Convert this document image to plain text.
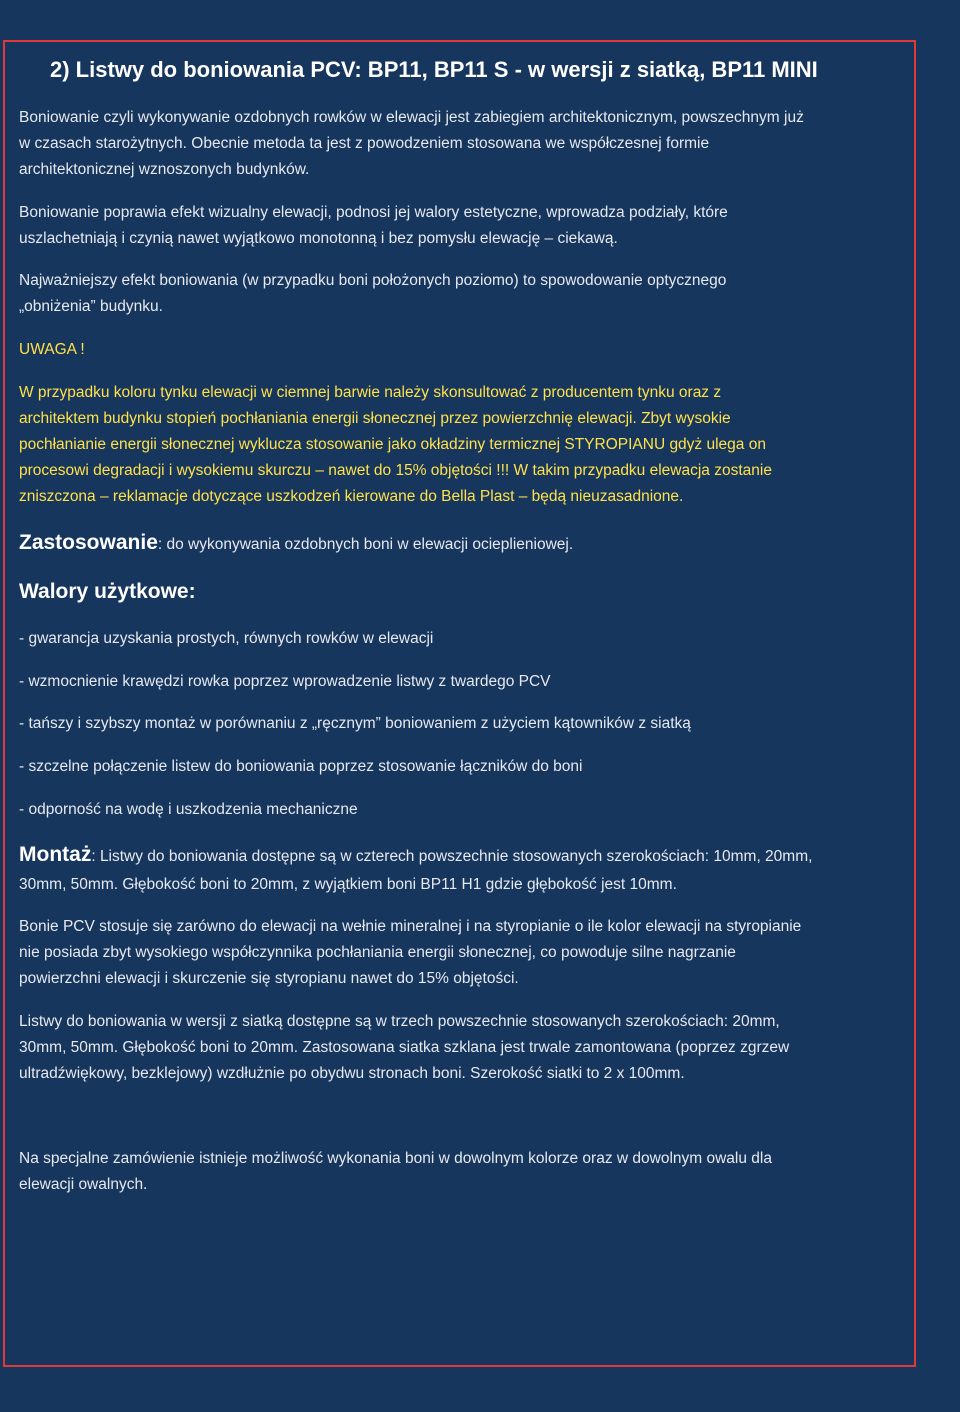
2) Listwy do boniowania PCV: BP11, BP11 S - w wersji z siatką, BP11 MINI

Boniowanie czyli wykonywanie ozdobnych rowków w elewacji jest zabiegiem architektonicznym, powszechnym już
w czasach starożytnych. Obecnie metoda ta jest z powodzeniem stosowana we współczesnej formie
architektonicznej wznoszonych budynków.

Boniowanie poprawia efekt wizualny elewacji, podnosi jej walory estetyczne, wprowadza podziały, które
uszlachetniają i czynią nawet wyjątkowo monotonną i bez pomysłu elewację – ciekawą.

Najważniejszy efekt boniowania (w przypadku boni położonych poziomo) to spowodowanie optycznego
„obniżenia” budynku.

UWAGA !

W przypadku koloru tynku elewacji w ciemnej barwie należy skonsultować z producentem tynku oraz z
architektem budynku stopień pochłaniania energii słonecznej przez powierzchnię elewacji. Zbyt wysokie
pochłanianie energii słonecznej wyklucza stosowanie jako okładziny termicznej STYROPIANU gdyż ulega on
procesowi degradacji i wysokiemu skurczu – nawet do 15% objętości !!! W takim przypadku elewacja zostanie
zniszczona – reklamacje dotyczące uszkodzeń kierowane do Bella Plast – będą nieuzasadnione.

Zastosowanie: do wykonywania ozdobnych boni w elewacji ocieplieniowej.

Walory użytkowe:

- gwarancja uzyskania prostych, równych rowków w elewacji

- wzmocnienie krawędzi rowka poprzez wprowadzenie listwy z twardego PCV

- tańszy i szybszy montaż w porównaniu z „ręcznym” boniowaniem z użyciem kątowników z siatką

- szczelne połączenie listew do boniowania poprzez stosowanie łączników do boni

- odporność na wodę i uszkodzenia mechaniczne

Montaż: Listwy do boniowania dostępne są w czterech powszechnie stosowanych szerokościach: 10mm, 20mm,
30mm, 50mm. Głębokość boni to 20mm, z wyjątkiem boni BP11 H1 gdzie głębokość jest 10mm.

Bonie PCV stosuje się zarówno do elewacji na wełnie mineralnej i na styropianie o ile kolor elewacji na styropianie
nie posiada zbyt wysokiego współczynnika pochłaniania energii słonecznej, co powoduje silne nagrzanie
powierzchni elewacji i skurczenie się styropianu nawet do 15% objętości.

Listwy do boniowania w wersji z siatką dostępne są w trzech powszechnie stosowanych szerokościach: 20mm,
30mm, 50mm. Głębokość boni to 20mm. Zastosowana siatka szklana jest trwale zamontowana (poprzez zgrzew
ultradźwiękowy, bezklejowy) wzdłużnie po obydwu stronach boni. Szerokość siatki to 2 x 100mm.

Na specjalne zamówienie istnieje możliwość wykonania boni w dowolnym kolorze oraz w dowolnym owalu dla
elewacji owalnych.
